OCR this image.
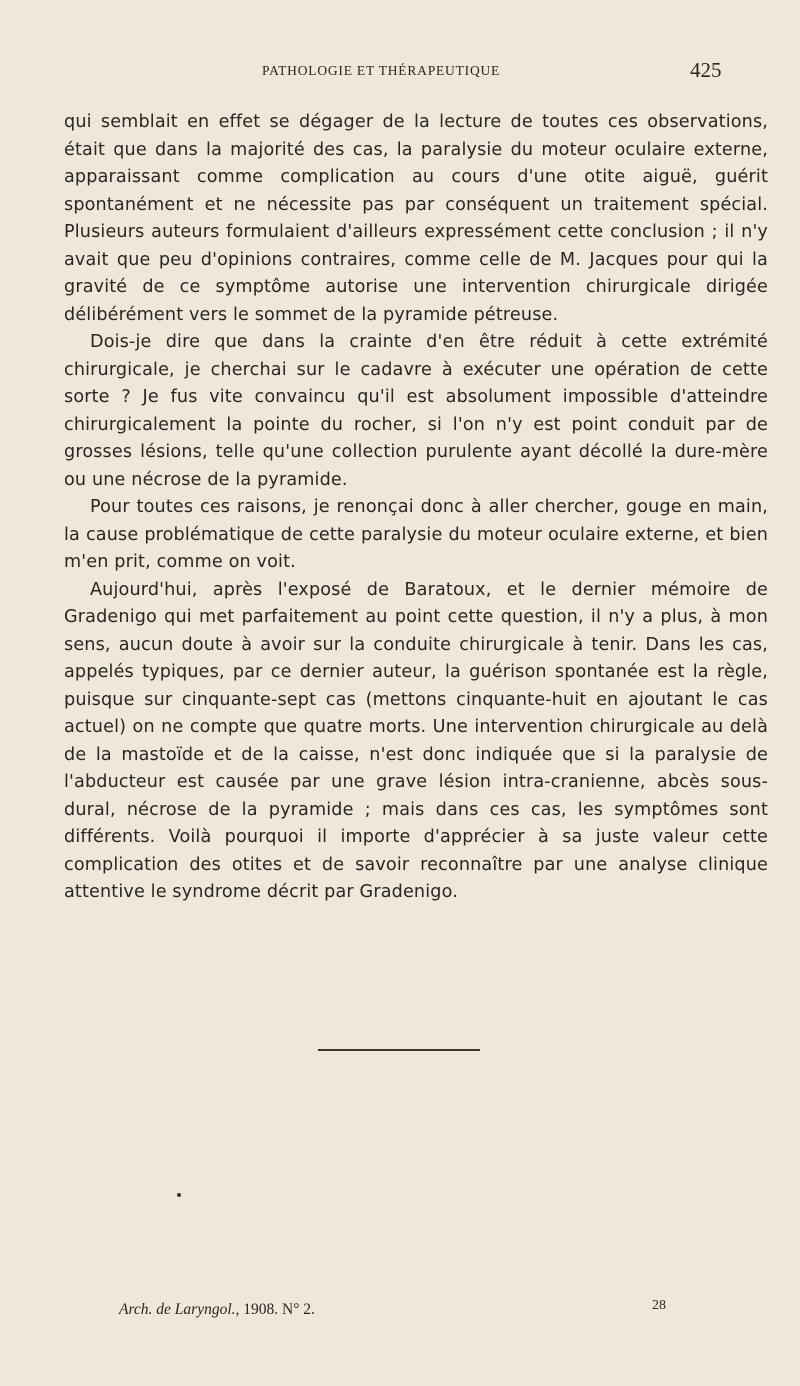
PATHOLOGIE ET THÉRAPEUTIQUE	425

qui semblait en effet se dégager de la lecture de toutes ces observations, était que dans la majorité des cas, la paralysie du moteur oculaire externe, apparaissant comme complication au cours d'une otite aiguë, guérit spontanément et ne nécessite pas par conséquent un traitement spécial. Plusieurs auteurs formulaient d'ailleurs expressément cette conclusion ; il n'y avait que peu d'opinions contraires, comme celle de M. Jacques pour qui la gravité de ce symptôme autorise une intervention chirurgicale dirigée délibérément vers le sommet de la pyramide pétreuse.

Dois-je dire que dans la crainte d'en être réduit à cette extrémité chirurgicale, je cherchai sur le cadavre à exécuter une opération de cette sorte ? Je fus vite convaincu qu'il est absolument impossible d'atteindre chirurgicalement la pointe du rocher, si l'on n'y est point conduit par de grosses lésions, telle qu'une collection purulente ayant décollé la dure-mère ou une nécrose de la pyramide.

Pour toutes ces raisons, je renonçai donc à aller chercher, gouge en main, la cause problématique de cette paralysie du moteur oculaire externe, et bien m'en prit, comme on voit.

Aujourd'hui, après l'exposé de Baratoux, et le dernier mémoire de Gradenigo qui met parfaitement au point cette question, il n'y a plus, à mon sens, aucun doute à avoir sur la conduite chirurgicale à tenir. Dans les cas, appelés typiques, par ce dernier auteur, la guérison spontanée est la règle, puisque sur cinquante-sept cas (mettons cinquante-huit en ajoutant le cas actuel) on ne compte que quatre morts. Une intervention chirurgicale au delà de la mastoïde et de la caisse, n'est donc indiquée que si la paralysie de l'abducteur est causée par une grave lésion intra-cranienne, abcès sous-dural, nécrose de la pyramide ; mais dans ces cas, les symptômes sont différents. Voilà pourquoi il importe d'apprécier à sa juste valeur cette complication des otites et de savoir reconnaître par une analyse clinique attentive le syndrome décrit par Gradenigo.

Arch. de Laryngol., 1908. N° 2.	28
